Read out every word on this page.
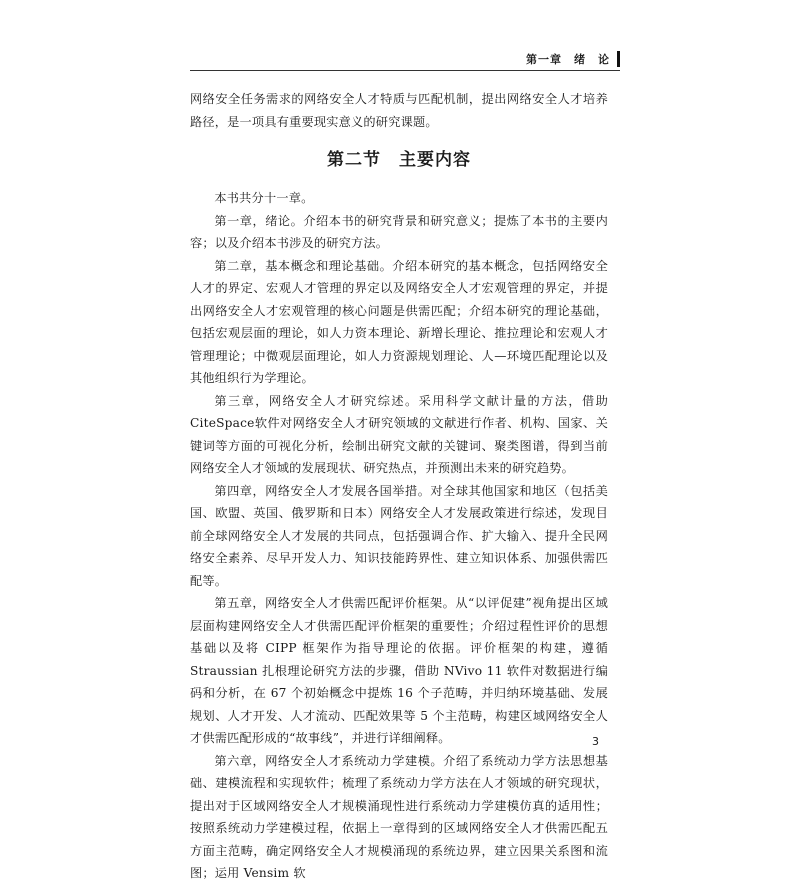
第一章　绪　论

网络安全任务需求的网络安全人才特质与匹配机制，提出网络安全人才培养路径，是一项具有重要现实意义的研究课题。

第二节　主要内容

本书共分十一章。

第一章，绪论。介绍本书的研究背景和研究意义；提炼了本书的主要内容；以及介绍本书涉及的研究方法。

第二章，基本概念和理论基础。介绍本研究的基本概念，包括网络安全人才的界定、宏观人才管理的界定以及网络安全人才宏观管理的界定，并提出网络安全人才宏观管理的核心问题是供需匹配；介绍本研究的理论基础，包括宏观层面的理论，如人力资本理论、新增长理论、推拉理论和宏观人才管理理论；中微观层面理论，如人力资源规划理论、人—环境匹配理论以及其他组织行为学理论。

第三章，网络安全人才研究综述。采用科学文献计量的方法，借助CiteSpace软件对网络安全人才研究领域的文献进行作者、机构、国家、关键词等方面的可视化分析，绘制出研究文献的关键词、聚类图谱，得到当前网络安全人才领域的发展现状、研究热点，并预测出未来的研究趋势。

第四章，网络安全人才发展各国举措。对全球其他国家和地区（包括美国、欧盟、英国、俄罗斯和日本）网络安全人才发展政策进行综述，发现目前全球网络安全人才发展的共同点，包括强调合作、扩大输入、提升全民网络安全素养、尽早开发人力、知识技能跨界性、建立知识体系、加强供需匹配等。

第五章，网络安全人才供需匹配评价框架。从“以评促建”视角提出区域层面构建网络安全人才供需匹配评价框架的重要性；介绍过程性评价的思想基础以及将 CIPP 框架作为指导理论的依据。评价框架的构建，遵循 Straussian 扎根理论研究方法的步骤，借助 NVivo 11 软件对数据进行编码和分析，在 67 个初始概念中提炼 16 个子范畴，并归纳环境基础、发展规划、人才开发、人才流动、匹配效果等 5 个主范畴，构建区域网络安全人才供需匹配形成的“故事线”，并进行详细阐释。

第六章，网络安全人才系统动力学建模。介绍了系统动力学方法思想基础、建模流程和实现软件；梳理了系统动力学方法在人才领域的研究现状，提出对于区域网络安全人才规模涌现性进行系统动力学建模仿真的适用性；按照系统动力学建模过程，依据上一章得到的区域网络安全人才供需匹配五方面主范畴，确定网络安全人才规模涌现的系统边界，建立因果关系图和流图；运用 Vensim 软

3
